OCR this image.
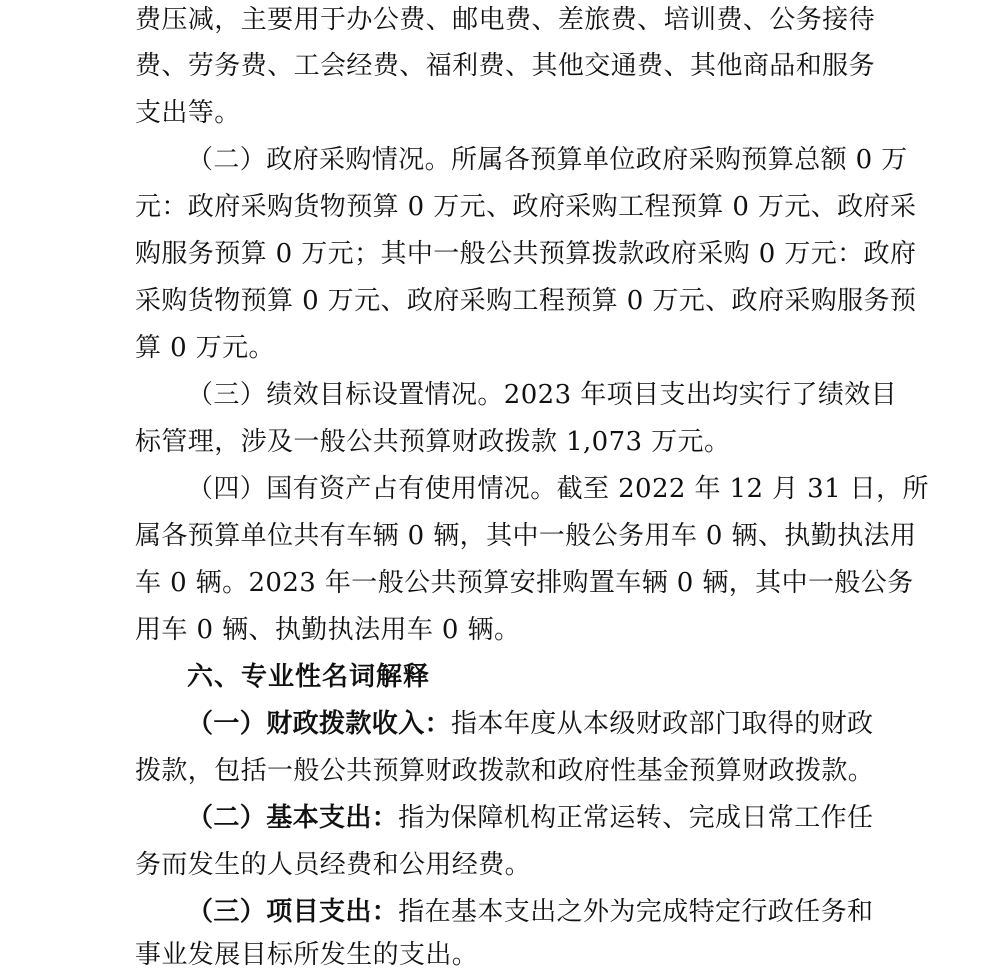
费压减，主要用于办公费、邮电费、差旅费、培训费、公务接待
费、劳务费、工会经费、福利费、其他交通费、其他商品和服务
支出等。
（二）政府采购情况。所属各预算单位政府采购预算总额 0 万
元：政府采购货物预算 0 万元、政府采购工程预算 0 万元、政府采
购服务预算 0 万元；其中一般公共预算拨款政府采购 0 万元：政府
采购货物预算 0 万元、政府采购工程预算 0 万元、政府采购服务预
算 0 万元。
（三）绩效目标设置情况。2023 年项目支出均实行了绩效目
标管理，涉及一般公共预算财政拨款 1,073 万元。
（四）国有资产占有使用情况。截至 2022 年 12 月 31 日，所
属各预算单位共有车辆 0 辆，其中一般公务用车 0 辆、执勤执法用
车 0 辆。2023 年一般公共预算安排购置车辆 0 辆，其中一般公务
用车 0 辆、执勤执法用车 0 辆。
六、专业性名词解释
（一）财政拨款收入：指本年度从本级财政部门取得的财政
拨款，包括一般公共预算财政拨款和政府性基金预算财政拨款。
（二）基本支出：指为保障机构正常运转、完成日常工作任
务而发生的人员经费和公用经费。
（三）项目支出：指在基本支出之外为完成特定行政任务和
事业发展目标所发生的支出。
